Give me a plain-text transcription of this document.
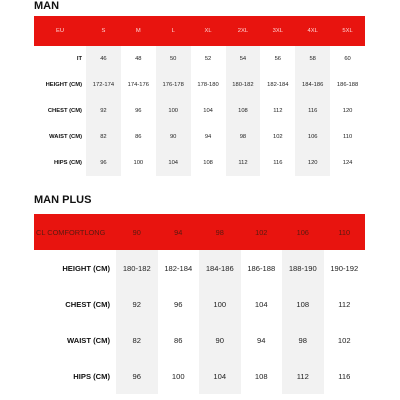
MAN
EU	S	M	L	XL	2XL	3XL	4XL	5XL
IT	46	48	50	52	54	56	58	60
HEIGHT (CM)	172-174	174-176	176-178	178-180	180-182	182-184	184-186	186-188
CHEST (CM)	92	96	100	104	108	112	116	120
WAIST (CM)	82	86	90	94	98	102	106	110
HIPS (CM)	96	100	104	108	112	116	120	124
MAN PLUS
CL COMFORTLONG	90	94	98	102	106	110
HEIGHT (CM)	180-182	182-184	184-186	186-188	188-190	190-192
CHEST (CM)	92	96	100	104	108	112
WAIST (CM)	82	86	90	94	98	102
HIPS (CM)	96	100	104	108	112	116
